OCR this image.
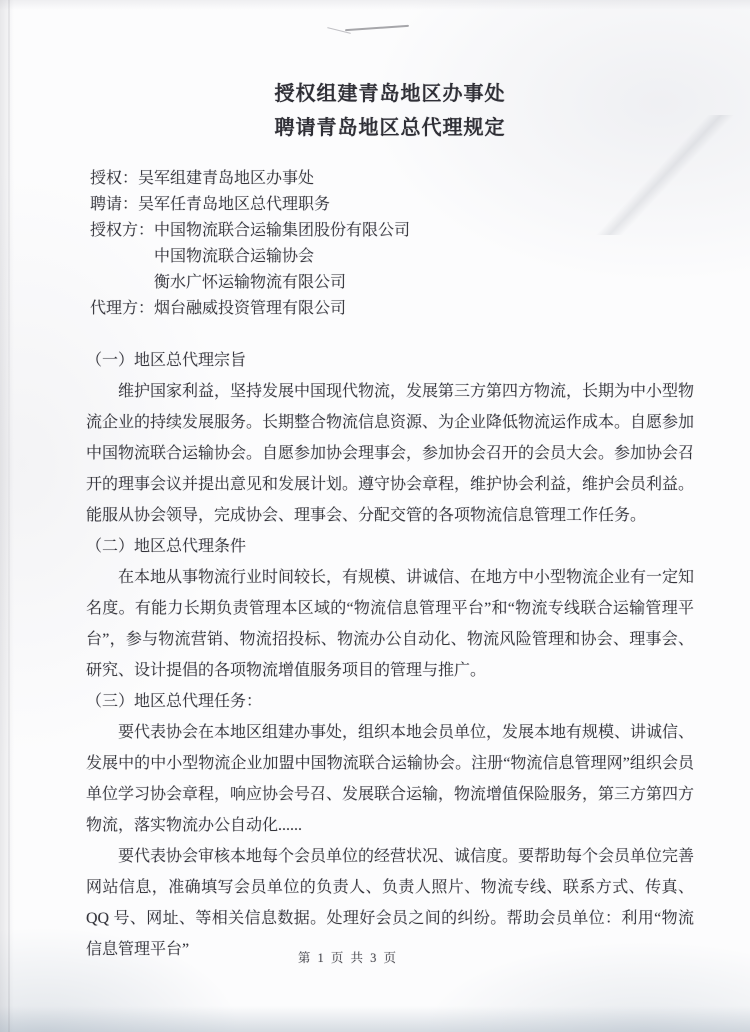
授权组建青岛地区办事处
聘请青岛地区总代理规定
授权：吴军组建青岛地区办事处
聘请：吴军任青岛地区总代理职务
授权方：中国物流联合运输集团股份有限公司
中国物流联合运输协会
衡水广怀运输物流有限公司
代理方：烟台融威投资管理有限公司
（一）地区总代理宗旨

维护国家利益，坚持发展中国现代物流，发展第三方第四方物流，长期为中小型物流企业的持续发展服务。长期整合物流信息资源、为企业降低物流运作成本。自愿参加中国物流联合运输协会。自愿参加协会理事会，参加协会召开的会员大会。参加协会召开的理事会议并提出意见和发展计划。遵守协会章程，维护协会利益，维护会员利益。能服从协会领导，完成协会、理事会、分配交管的各项物流信息管理工作任务。

（二）地区总代理条件

在本地从事物流行业时间较长，有规模、讲诚信、在地方中小型物流企业有一定知名度。有能力长期负责管理本区域的“物流信息管理平台”和“物流专线联合运输管理平台”，参与物流营销、物流招投标、物流办公自动化、物流风险管理和协会、理事会、研究、设计提倡的各项物流增值服务项目的管理与推广。

（三）地区总代理任务：

要代表协会在本地区组建办事处，组织本地会员单位，发展本地有规模、讲诚信、发展中的中小型物流企业加盟中国物流联合运输协会。注册“物流信息管理网”组织会员单位学习协会章程，响应协会号召、发展联合运输，物流增值保险服务，第三方第四方物流，落实物流办公自动化......

要代表协会审核本地每个会员单位的经营状况、诚信度。要帮助每个会员单位完善网站信息，准确填写会员单位的负责人、负责人照片、物流专线、联系方式、传真、QQ 号、网址、等相关信息数据。处理好会员之间的纠纷。帮助会员单位：利用“物流信息管理平台”	第 1 页 共 3 页
